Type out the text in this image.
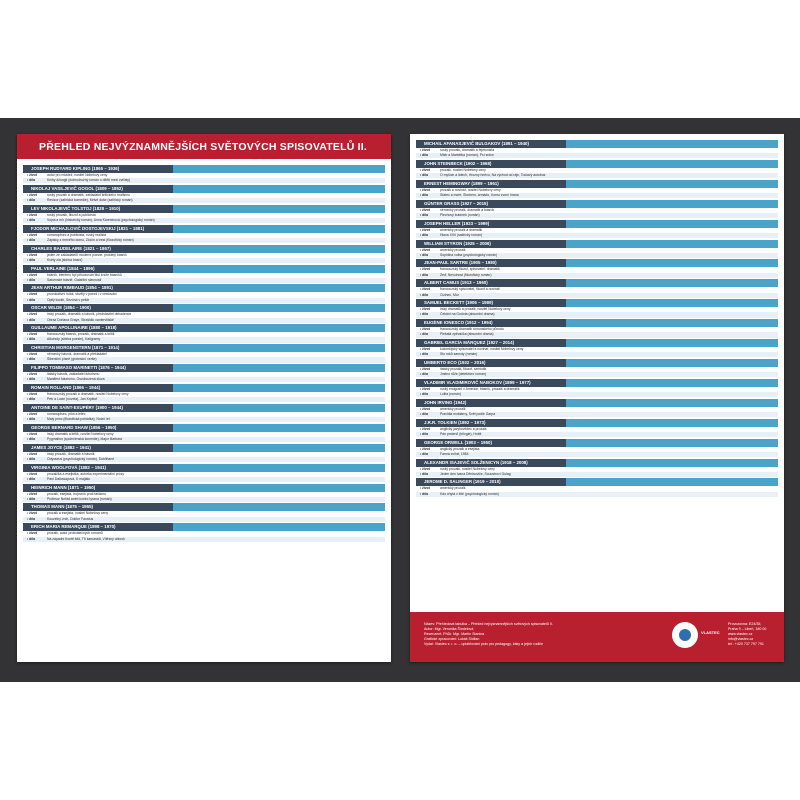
PŘEHLED NEJVÝZNAMNĚJŠÍCH SVĚTOVÝCH SPISOVATELŮ II.
JOSEPH RUDYARD KIPLING (1865 – 1936)
• život	autor pro mládež, nositel Nobelovy ceny
• díla	Knihy džunglí (dobrodružný román o dítěti mezi zvířaty)
NIKOLAJ VASILJEVIČ GOGOL (1809 – 1852)
• život	ruský prozaik a dramatik, zakladatel kritického realismu
• díla	Revizor (satirická komedie), Mrtvé duše (satirický román)
LEV NIKOLAJEVIČ TOLSTOJ (1828 – 1910)
• život	ruský prozaik, filozof a publicista
• díla	Vojna a mír (historický román), Anna Kareninová (psychologický román)
FJODOR MICHAJLOVIČ DOSTOJEVSKIJ (1821 – 1881)
• život	romanopisec a publicista, ruský realista
• díla	Zápisky z mrtvého domu, Zločin a trest (filozofický román)
CHARLES BAUDELAIRE (1821 – 1867)
• život	jeden ze zakladatelů moderní poezie, prokletý básník
• díla	Květy zla (sbírka básní)
PAUL VERLAINE (1844 – 1896)
• život	básník, kterému byl přisuzován titul kníže básníků
• díla	Saturnské básně, Galantní slavnosti
JEAN ARTHUR RIMBAUD (1854 – 1891)
• život	provokativní tulák, skvělý v poezii i v cestování
• díla	Opilý koráb, Sezóna v pekle
OSCAR WILDE (1854 – 1900)
• život	irský prozaik, dramatik a básník, představitel dekadence
• díla	Obraz Doriana Graye, Strašidlo cantervillské
GUILLAUME APOLLINAIRE (1880 – 1918)
• život	francouzský básník, prozaik, dramatik a kritik
• díla	Alkoholy (sbírka poezie), Kaligramy
CHRISTIAN MORGENSTERN (1871 – 1914)
• život	německý básník, dramatik a překladatel
• díla	Šibeniční písně (groteskní verše)
FILIPPO TOMMASO MARINETTI (1876 – 1944)
• život	italský básník, zakladatel futurismu
• díla	Manifest futurismu, Osvobozená slova
ROMAIN ROLLAND (1866 – 1944)
• život	francouzský prozaik a dramatik, nositel Nobelovy ceny
• díla	Petr a Lucie (novela), Jan Kryštof
ANTOINE DE SAINT-EXUPÉRY (1900 – 1944)
• život	romanopisec, pilot a letec
• díla	Malý princ (filozofická pohádka), Noční let
GEORGE BERNARD SHAW (1856 – 1950)
• život	irský dramatik a kritik, nositel Nobelovy ceny
• díla	Pygmalion (společenská komedie), Major Barbara
JAMES JOYCE (1882 – 1941)
• život	irský prozaik, dramatik a básník
• díla	Odysseus (psychologický román), Dubliňané
VIRGINIA WOOLFOVÁ (1882 – 1941)
• život	prozaička a esejistka, autorka experimentální prózy
• díla	Paní Dallowayová, K majáku
HEINRICH MANN (1871 – 1950)
• život	prozaik, esejista, bojovník proti fašismu
• díla	Profesor Neřád aneb konec tyrana (román)
THOMAS MANN (1875 – 1955)
• život	prozaik a esejista, nositel Nobelovy ceny
• díla	Kouzelný vrch, Doktor Faustus
ERICH MARIA REMARQUE (1898 – 1970)
• život	prozaik, autor protiválečných románů
• díla	Na západní frontě klid, Tři kamarádi, Vítězný oblouk
MICHAIL AFANASJEVIČ BULGAKOV (1891 – 1940)
• život	ruský prozaik, dramatik a fejetonista
• díla	Mistr a Markétka (román), Psí srdce
JOHN STEINBECK (1902 – 1968)
• život	prozaik, nositel Nobelovy ceny
• díla	O myších a lidech, Hrozny hněvu, Na východ od ráje, Toulavý autobus
ERNEST HEMINGWAY (1899 – 1961)
• život	prozaik a novinář, nositel Nobelovy ceny
• díla	Stařec a moře, Sbohem, armádo, Komu zvoní hrana
GÜNTER GRASS (1927 – 2015)
• život	německý prozaik, dramatik a básník
• díla	Plechový bubínek (román)
JOSEPH HELLER (1923 – 1999)
• život	americký prozaik a dramatik
• díla	Hlava XXII (satirický román)
WILLIAM STYRON (1925 – 2006)
• život	americký prozaik
• díla	Sophiina volba (psychologický román)
JEAN-PAUL SARTRE (1905 – 1980)
• život	francouzský filozof, spisovatel, dramatik
• díla	Zeď, Nevolnost (filozofický román)
ALBERT CAMUS (1913 – 1960)
• život	francouzský spisovatel, filozof a novinář
• díla	Cizinec, Mor
SAMUEL BECKETT (1906 – 1989)
• život	irský dramatik a prozaik, nositel Nobelovy ceny
• díla	Čekání na Godota (absurdní drama)
EUGÈNE IONESCO (1912 – 1994)
• život	francouzský dramatik rumunského původu
• díla	Plešatá zpěvačka (absurdní drama)
GABRIEL GARCÍA MÁRQUEZ (1927 – 2014)
• život	kolumbijský spisovatel a novinář, nositel Nobelovy ceny
• díla	Sto roků samoty (román)
UMBERTO ECO (1932 – 2016)
• život	italský prozaik, filozof, semiotik
• díla	Jméno růže (detektivní román)
VLADIMIR VLADIMIROVIČ NABOKOV (1899 – 1977)
• život	ruský emigrant v Americe, básník, prozaik a dramatik
• díla	Lolita (román)
JOHN IRVING (1942)
• život	americký prozaik
• díla	Pravidla moštárny, Svět podle Garpa
J.R.R. TOLKIEN (1892 – 1973)
• život	anglický jazykovědec a prozaik
• díla	Pán prstenů (trilogie), Hobit
GEORGE ORWELL (1903 – 1950)
• život	anglický prozaik a esejista
• díla	Farma zvířat, 1984
ALEXANDR ISAJEVIČ SOLŽENICYN (1918 – 2008)
• život	ruský prozaik, nositel Nobelovy ceny
• díla	Jeden den Ivana Děnisoviče, Souostroví Gulag
JEROME D. SALINGER (1919 – 2010)
• život	americký prozaik
• díla	Kdo chytá v žitě (psychologický román)
Název: Přehledová tabulka – Přehled nejvýznamnějších světových spisovatelů II.
Autor: Mgr. Veronika Šindelová
Recenzent: PhDr. Mgr. Martin Slanina
Grafické zpracování: Lukáš Sidlian
Vydal: Vlastec s. r. o. – uplatňování práv pro pedagogy, žáky a jejich rodiče
VLASTEC
Provozovna: E24/35,
Praha 9 – Libeň, 180 00
www.vlastec.cz
info@vlastec.cz
tel.: +420 737 797 791
